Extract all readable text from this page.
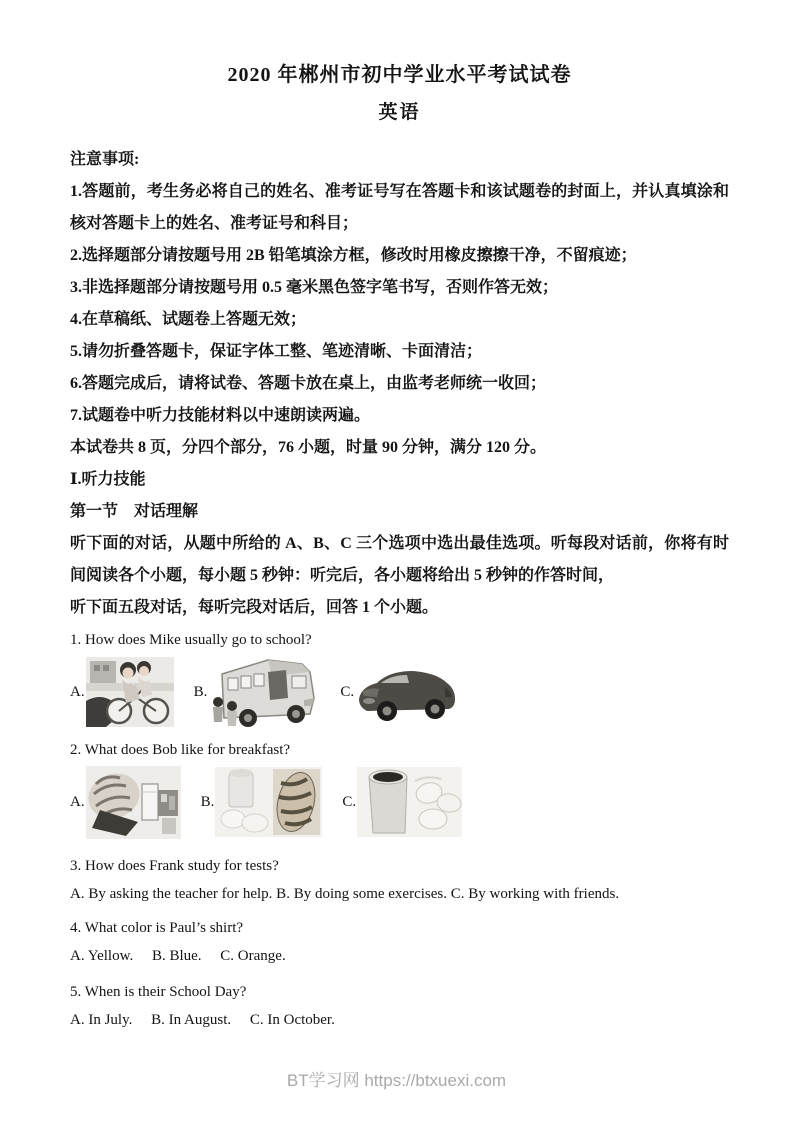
2020 年郴州市初中学业水平考试试卷
英语

注意事项:

1.答题前，考生务必将自己的姓名、准考证号写在答题卡和该试题卷的封面上，并认真填涂和核对答题卡上的姓名、准考证号和科目；

2.选择题部分请按题号用 2B 铅笔填涂方框，修改时用橡皮擦擦干净，不留痕迹；

3.非选择题部分请按题号用 0.5 毫米黑色签字笔书写，否则作答无效；

4.在草稿纸、试题卷上答题无效；

5.请勿折叠答题卡，保证字体工整、笔迹清晰、卡面清洁；

6.答题完成后，请将试卷、答题卡放在桌上，由监考老师统一收回；

7.试题卷中听力技能材料以中速朗读两遍。

本试卷共 8 页，分四个部分，76 小题，时量 90 分钟，满分 120 分。

Ⅰ.听力技能

第一节　对话理解

听下面的对话，从题中所给的 A、B、C 三个选项中选出最佳选项。听每段对话前，你将有时间阅读各个小题，每小题 5 秒钟：听完后，各小题将给出 5 秒钟的作答时间，

听下面五段对话，每听完段对话后，回答 1 个小题。

1. How does Mike usually go to school?

A.	B.	C.

2. What does Bob like for breakfast?

A.	B.	C.

3. How does Frank study for tests?

A. By asking the teacher for help. B. By doing some exercises. C. By working with friends.

4. What color is Paul’s shirt?

A. Yellow.     B. Blue.     C. Orange.

5. When is their School Day?

A. In July.     B. In August.     C. In October.

BT学习网 https://btxuexi.com
